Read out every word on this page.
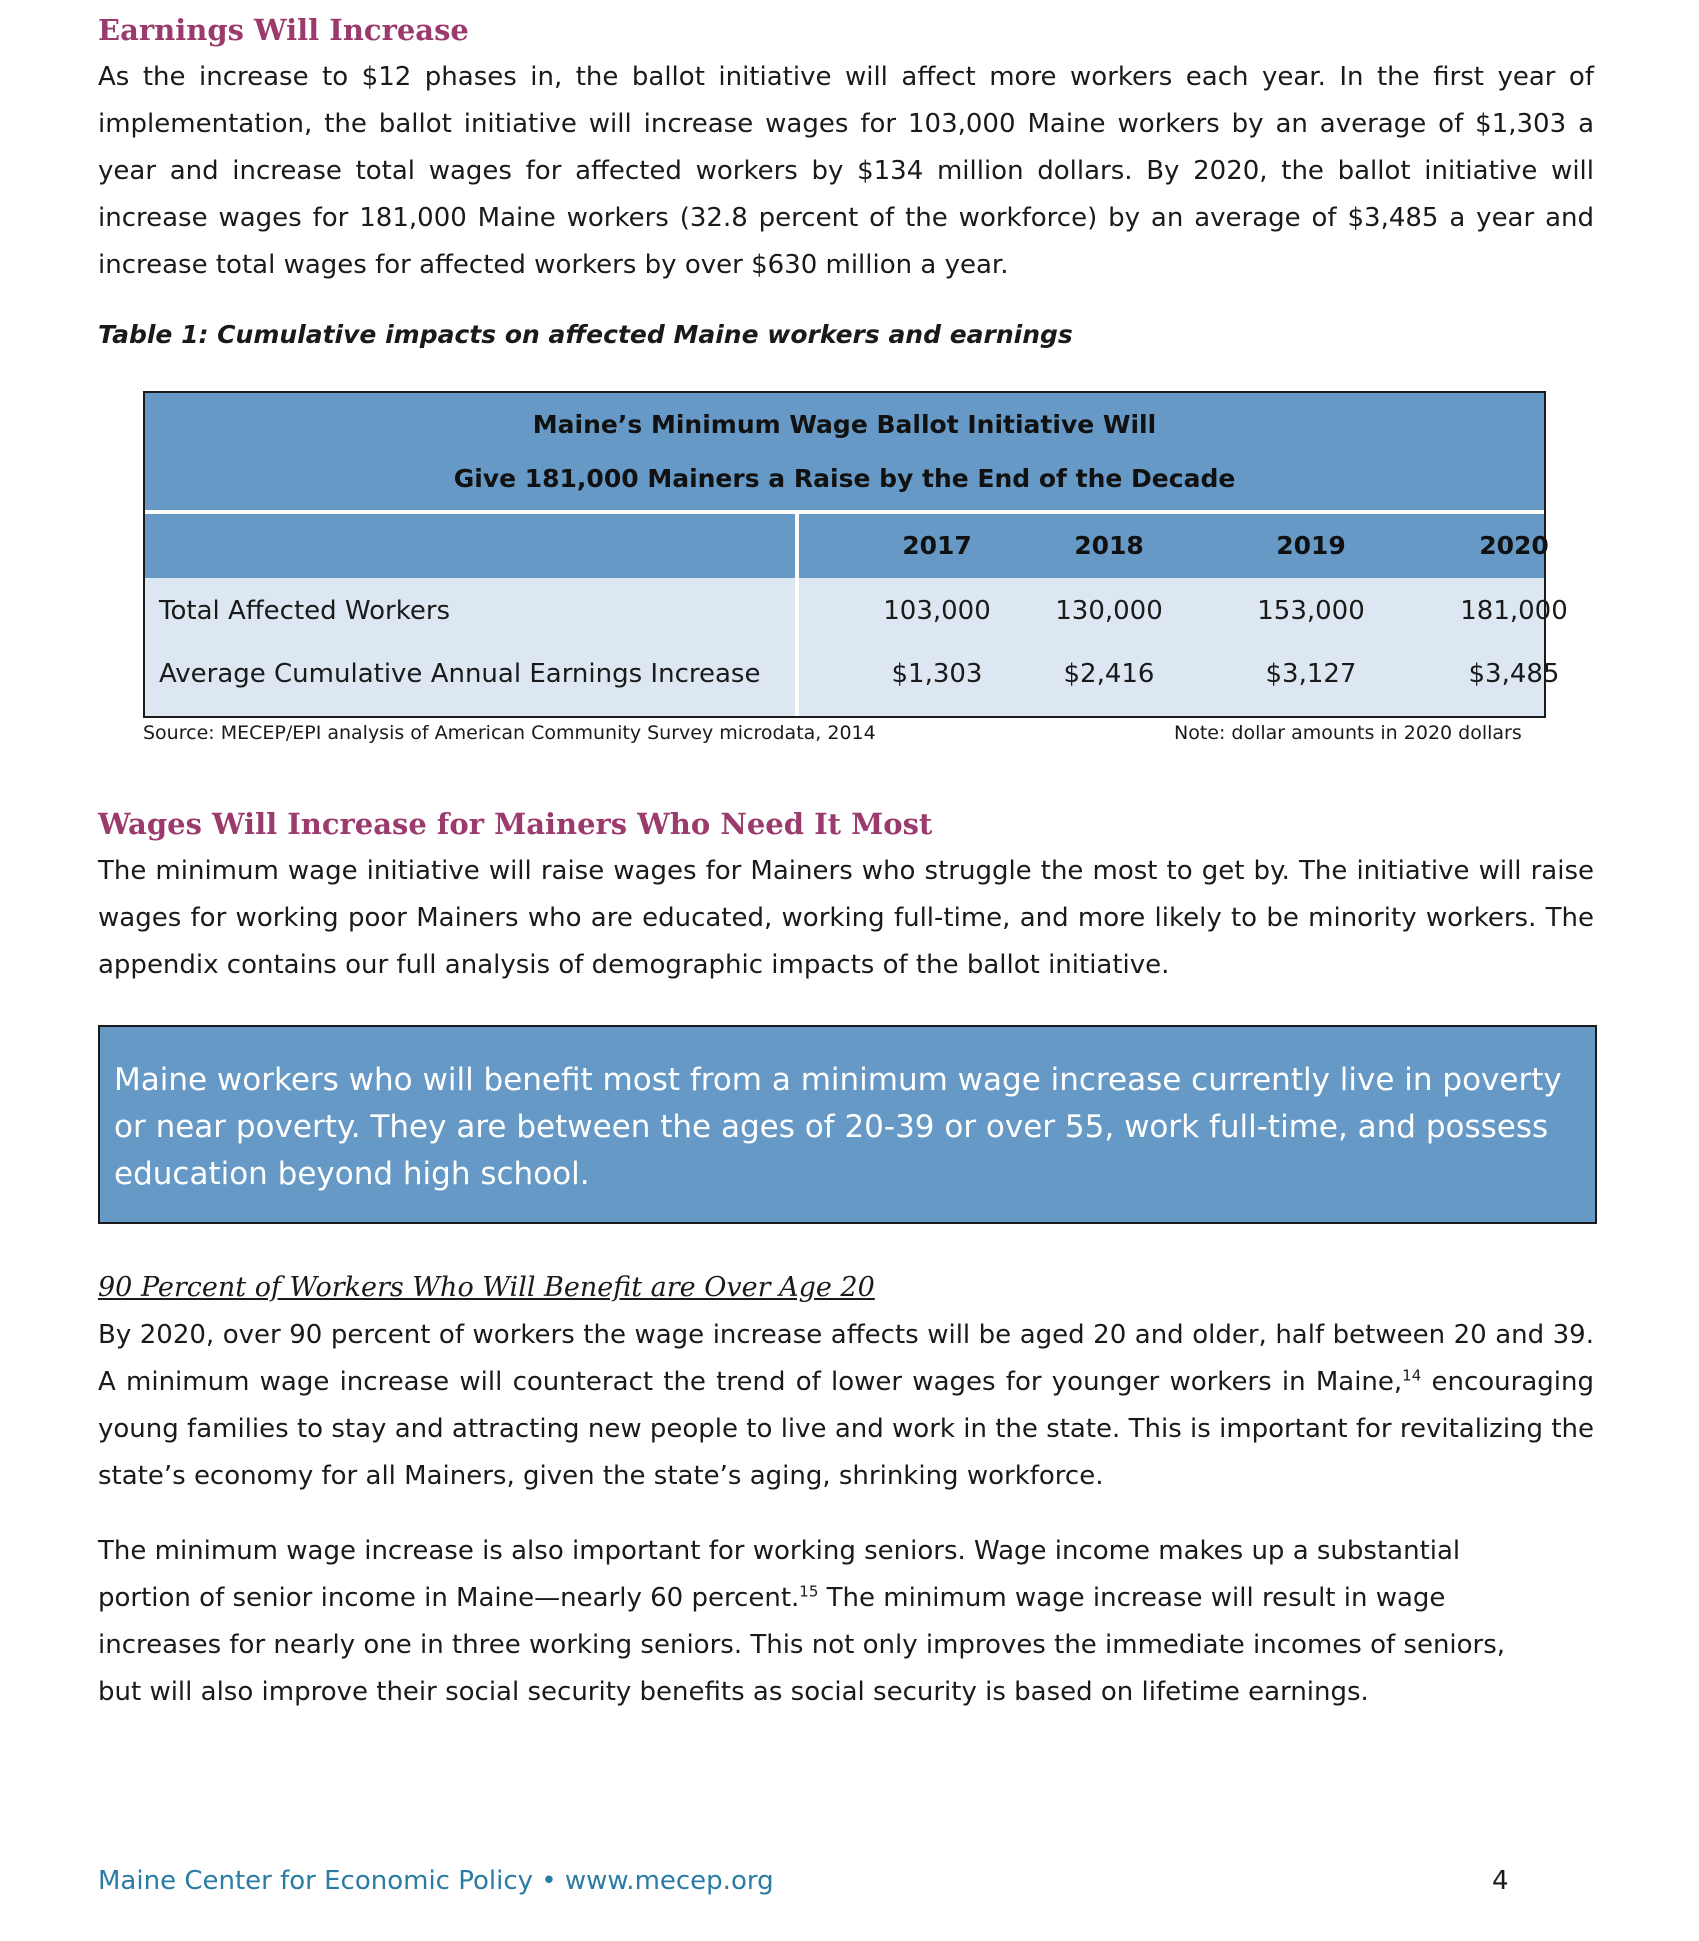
Earnings Will Increase

As the increase to $12 phases in, the ballot initiative will affect more workers each year. In the first year of implementation, the ballot initiative will increase wages for 103,000 Maine workers by an average of $1,303 a year and increase total wages for affected workers by $134 million dollars. By 2020, the ballot initiative will increase wages for 181,000 Maine workers (32.8 percent of the workforce) by an average of $3,485 a year and increase total wages for affected workers by over $630 million a year.

Table 1: Cumulative impacts on affected Maine workers and earnings
Maine’s Minimum Wage Ballot Initiative Will
Give 181,000 Mainers a Raise by the End of the Decade
2017	2018	2019	2020
Total Affected Workers	103,000	130,000	153,000	181,000
Average Cumulative Annual Earnings Increase	$1,303	$2,416	$3,127	$3,485
Source: MECEP/EPI analysis of American Community Survey microdata, 2014	Note: dollar amounts in 2020 dollars
Wages Will Increase for Mainers Who Need It Most

The minimum wage initiative will raise wages for Mainers who struggle the most to get by. The initiative will raise wages for working poor Mainers who are educated, working full-time, and more likely to be minority workers. The appendix contains our full analysis of demographic impacts of the ballot initiative.

Maine workers who will benefit most from a minimum wage increase currently live in poverty or near poverty. They are between the ages of 20-39 or over 55, work full-time, and possess education beyond high school.

90 Percent of Workers Who Will Benefit are Over Age 20

By 2020, over 90 percent of workers the wage increase affects will be aged 20 and older, half between 20 and 39. A minimum wage increase will counteract the trend of lower wages for younger workers in Maine,$^{14}$ encouraging young families to stay and attracting new people to live and work in the state. This is important for revitalizing the state’s economy for all Mainers, given the state’s aging, shrinking workforce.

The minimum wage increase is also important for working seniors. Wage income makes up a substantial portion of senior income in Maine—nearly 60 percent.$^{15}$ The minimum wage increase will result in wage increases for nearly one in three working seniors. This not only improves the immediate incomes of seniors, but will also improve their social security benefits as social security is based on lifetime earnings.

Maine Center for Economic Policy • www.mecep.org	4
